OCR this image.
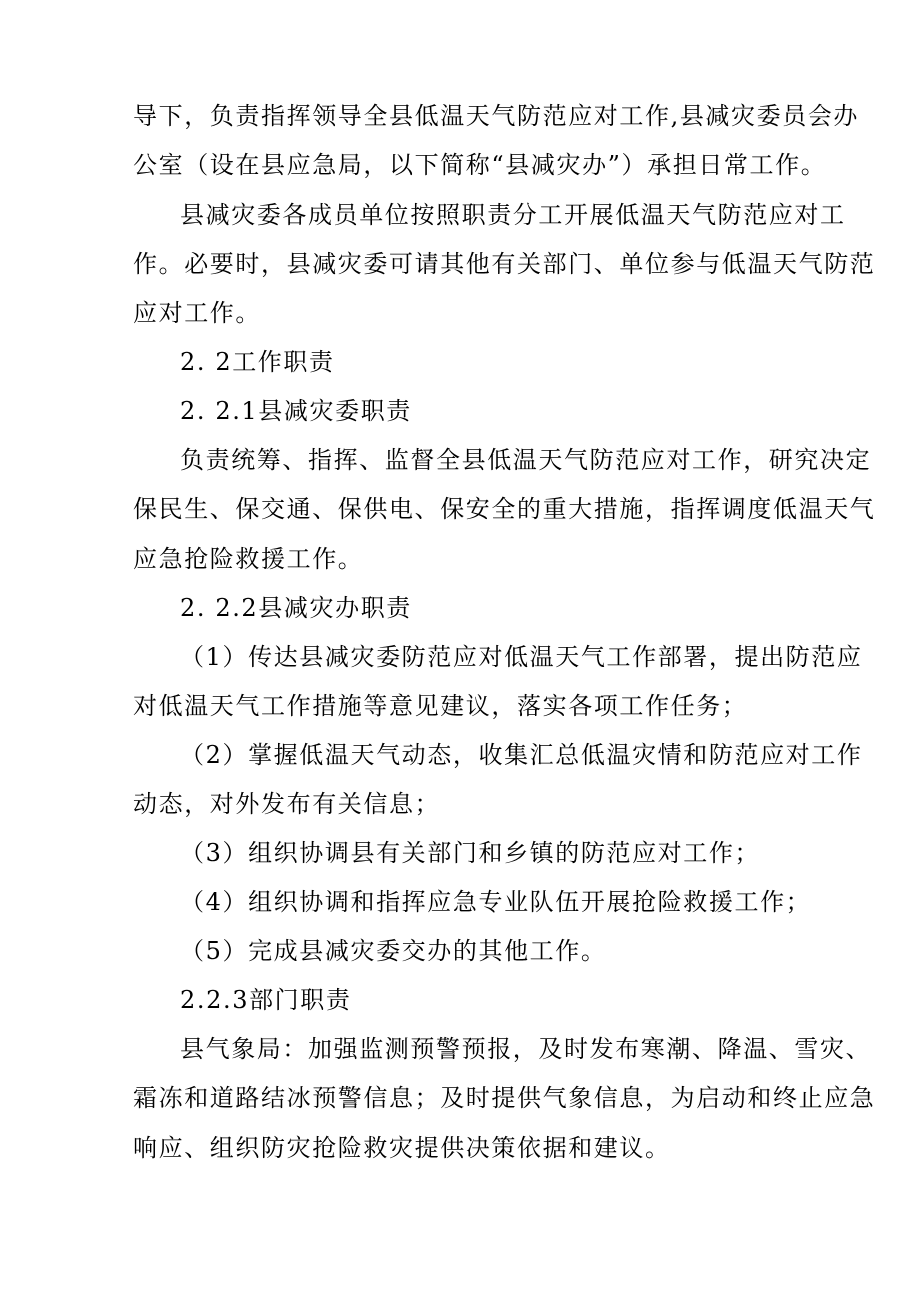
导下，负责指挥领导全县低温天气防范应对工作,县减灾委员会办
公室（设在县应急局，以下简称“县减灾办”）承担日常工作。
县减灾委各成员单位按照职责分工开展低温天气防范应对工
作。必要时，县减灾委可请其他有关部门、单位参与低温天气防范
应对工作。
2. 2工作职责
2. 2.1县减灾委职责
负责统筹、指挥、监督全县低温天气防范应对工作，研究决定
保民生、保交通、保供电、保安全的重大措施，指挥调度低温天气
应急抢险救援工作。
2. 2.2县减灾办职责
（1）传达县减灾委防范应对低温天气工作部署，提出防范应
对低温天气工作措施等意见建议，落实各项工作任务；
（2）掌握低温天气动态，收集汇总低温灾情和防范应对工作
动态，对外发布有关信息；
（3）组织协调县有关部门和乡镇的防范应对工作；
（4）组织协调和指挥应急专业队伍开展抢险救援工作；
（5）完成县减灾委交办的其他工作。
2.2.3部门职责
县气象局：加强监测预警预报，及时发布寒潮、降温、雪灾、
霜冻和道路结冰预警信息；及时提供气象信息，为启动和终止应急
响应、组织防灾抢险救灾提供决策依据和建议。
